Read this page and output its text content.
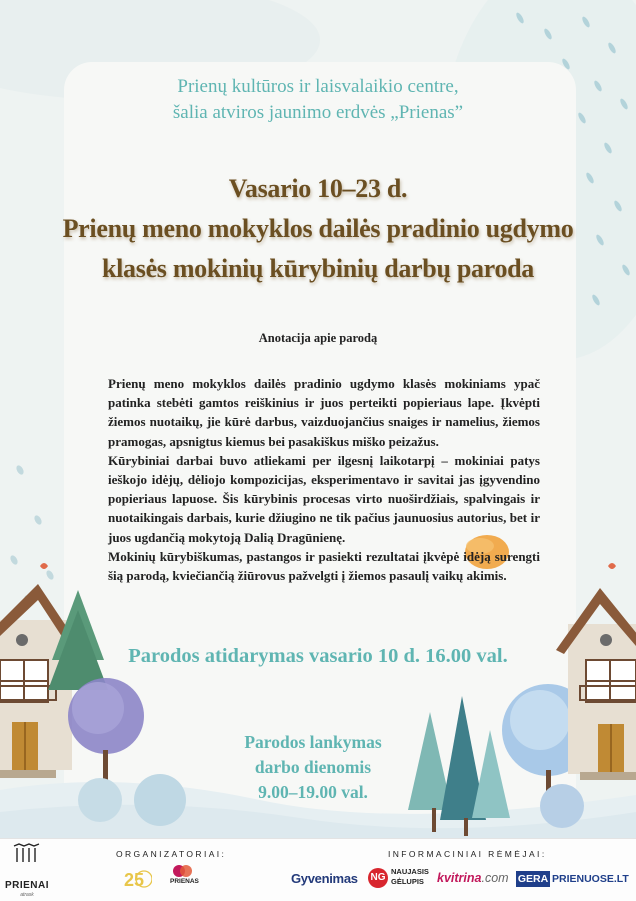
Prienų kultūros ir laisvalaikio centre,
šalia atviros jaunimo erdvės „Prienas”
Vasario 10–23 d.
Prienų meno mokyklos dailės pradinio ugdymo
klasės mokinių kūrybinių darbų paroda
Anotacija apie parodą

Prienų meno mokyklos dailės pradinio ugdymo klasės mokiniams ypač patinka stebėti gamtos reiškinius ir juos perteikti popieriaus lape. Įkvėpti žiemos nuotaikų, jie kūrė darbus, vaizduojančius snaiges ir namelius, žiemos pramogas, apsnigtus kiemus bei pasakiškus miško peizažus.

Kūrybiniai darbai buvo atliekami per ilgesnį laikotarpį – mokiniai patys ieškojo idėjų, dėliojo kompozicijas, eksperimentavo ir savitai jas įgyvendino popieriaus lapuose. Šis kūrybinis procesas virto nuoširdžiais, spalvingais ir nuotaikingais darbais, kurie džiugino ne tik pačius jaunuosius autorius, bet ir juos ugdančią mokytoją Dalią Dragūnienę.

Mokinių kūrybiškumas, pastangos ir pasiekti rezultatai įkvėpė idėją surengti šią parodą, kviečiančią žiūrovus pažvelgti į žiemos pasaulį vaikų akimis.

Parodos atidarymas vasario 10 d. 16.00 val.
Parodos lankymas
darbo dienomis
9.00–19.00 val.
ORGANIZATORIAI:	INFORMACINIAI RĖMĖJAI:
PRIENAI
atrask
25	PRIENAS	Gyvenimas NG
NAUJASIS
GĖLUPIS kvitrina.com GERA PRIENUOSE.LT
